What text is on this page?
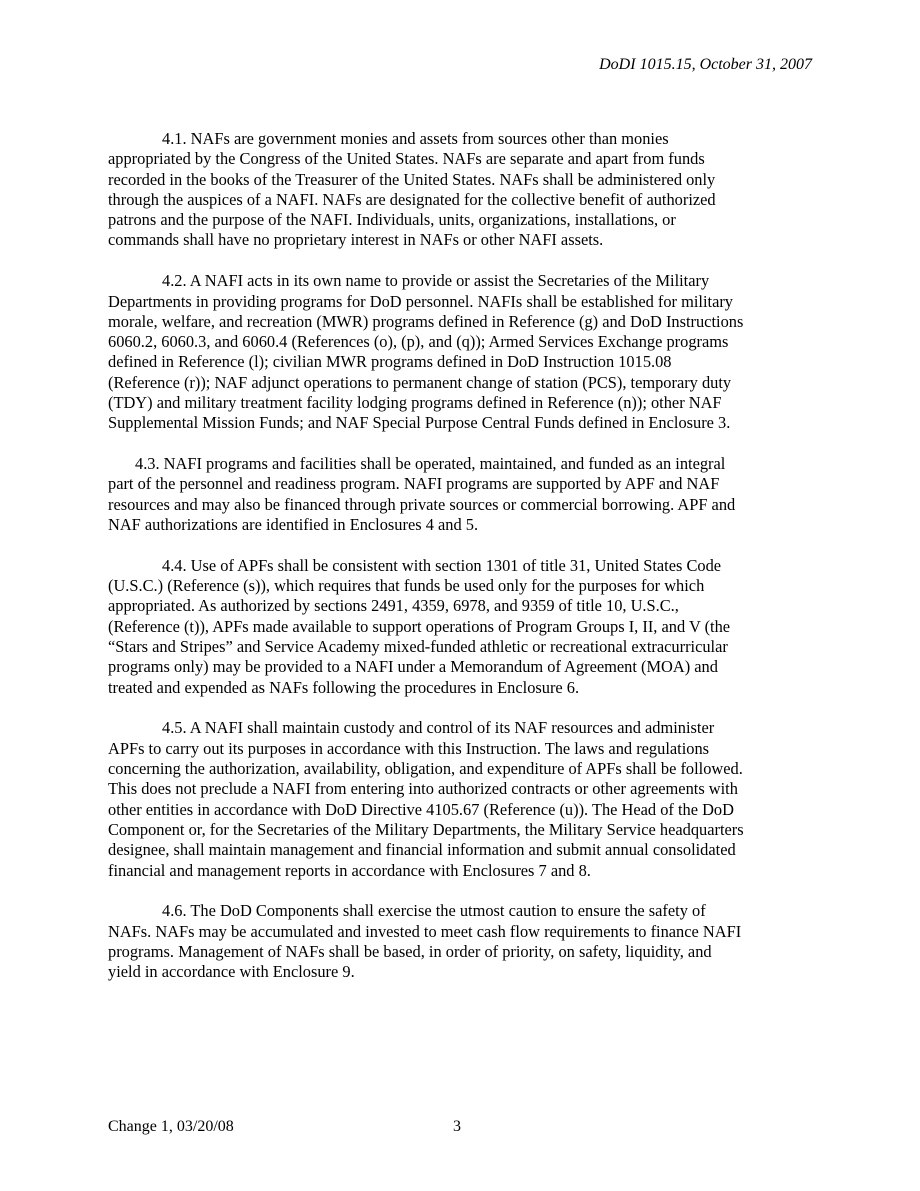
DoDI 1015.15, October 31, 2007

4.1. NAFs are government monies and assets from sources other than monies
appropriated by the Congress of the United States. NAFs are separate and apart from funds
recorded in the books of the Treasurer of the United States. NAFs shall be administered only
through the auspices of a NAFI. NAFs are designated for the collective benefit of authorized
patrons and the purpose of the NAFI. Individuals, units, organizations, installations, or
commands shall have no proprietary interest in NAFs or other NAFI assets.

4.2. A NAFI acts in its own name to provide or assist the Secretaries of the Military
Departments in providing programs for DoD personnel. NAFIs shall be established for military
morale, welfare, and recreation (MWR) programs defined in Reference (g) and DoD Instructions
6060.2, 6060.3, and 6060.4 (References (o), (p), and (q)); Armed Services Exchange programs
defined in Reference (l); civilian MWR programs defined in DoD Instruction 1015.08
(Reference (r)); NAF adjunct operations to permanent change of station (PCS), temporary duty
(TDY) and military treatment facility lodging programs defined in Reference (n)); other NAF
Supplemental Mission Funds; and NAF Special Purpose Central Funds defined in Enclosure 3.

4.3. NAFI programs and facilities shall be operated, maintained, and funded as an integral
part of the personnel and readiness program. NAFI programs are supported by APF and NAF
resources and may also be financed through private sources or commercial borrowing. APF and
NAF authorizations are identified in Enclosures 4 and 5.

4.4. Use of APFs shall be consistent with section 1301 of title 31, United States Code
(U.S.C.) (Reference (s)), which requires that funds be used only for the purposes for which
appropriated. As authorized by sections 2491, 4359, 6978, and 9359 of title 10, U.S.C.,
(Reference (t)), APFs made available to support operations of Program Groups I, II, and V (the
“Stars and Stripes” and Service Academy mixed-funded athletic or recreational extracurricular
programs only) may be provided to a NAFI under a Memorandum of Agreement (MOA) and
treated and expended as NAFs following the procedures in Enclosure 6.

4.5. A NAFI shall maintain custody and control of its NAF resources and administer
APFs to carry out its purposes in accordance with this Instruction. The laws and regulations
concerning the authorization, availability, obligation, and expenditure of APFs shall be followed.
This does not preclude a NAFI from entering into authorized contracts or other agreements with
other entities in accordance with DoD Directive 4105.67 (Reference (u)). The Head of the DoD
Component or, for the Secretaries of the Military Departments, the Military Service headquarters
designee, shall maintain management and financial information and submit annual consolidated
financial and management reports in accordance with Enclosures 7 and 8.

4.6. The DoD Components shall exercise the utmost caution to ensure the safety of
NAFs. NAFs may be accumulated and invested to meet cash flow requirements to finance NAFI
programs. Management of NAFs shall be based, in order of priority, on safety, liquidity, and
yield in accordance with Enclosure 9.

Change 1, 03/20/08	3
